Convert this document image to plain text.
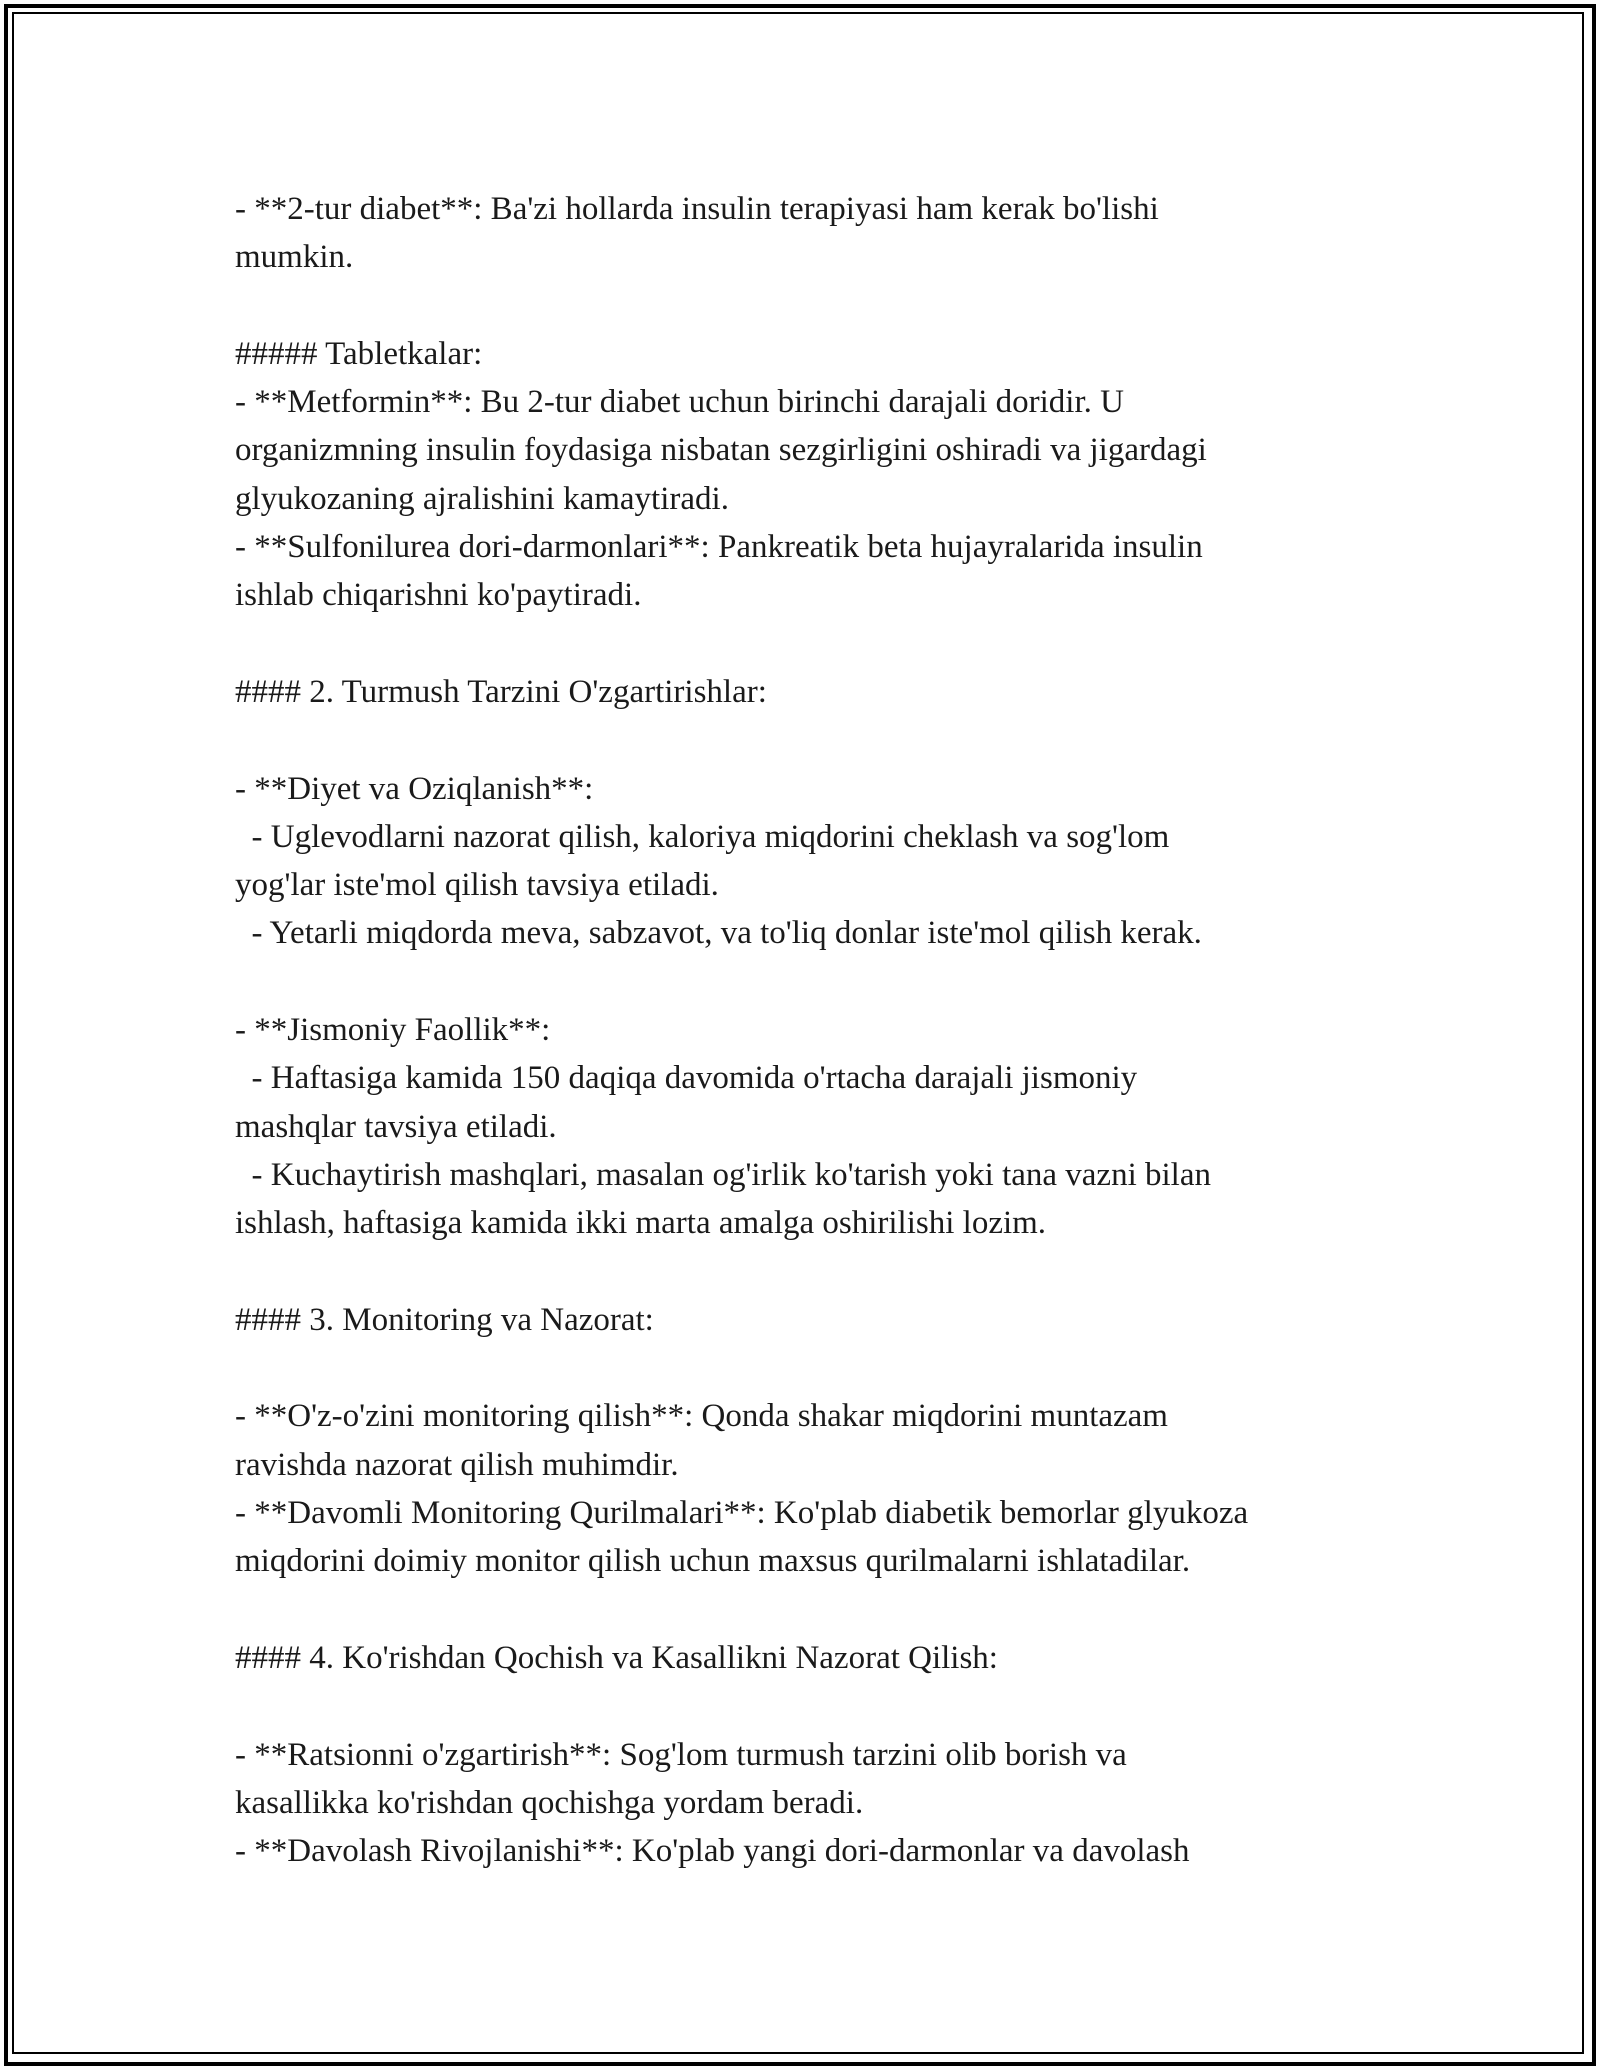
- **2-tur diabet**: Ba'zi hollarda insulin terapiyasi ham kerak bo'lishi
mumkin.
##### Tabletkalar:
- **Metformin**: Bu 2-tur diabet uchun birinchi darajali doridir. U
organizmning insulin foydasiga nisbatan sezgirligini oshiradi va jigardagi
glyukozaning ajralishini kamaytiradi.
- **Sulfonilurea dori-darmonlari**: Pankreatik beta hujayralarida insulin
ishlab chiqarishni ko'paytiradi.
#### 2. Turmush Tarzini O'zgartirishlar:
- **Diyet va Oziqlanish**:
- Uglevodlarni nazorat qilish, kaloriya miqdorini cheklash va sog'lom
yog'lar iste'mol qilish tavsiya etiladi.
- Yetarli miqdorda meva, sabzavot, va to'liq donlar iste'mol qilish kerak.
- **Jismoniy Faollik**:
- Haftasiga kamida 150 daqiqa davomida o'rtacha darajali jismoniy
mashqlar tavsiya etiladi.
- Kuchaytirish mashqlari, masalan og'irlik ko'tarish yoki tana vazni bilan
ishlash, haftasiga kamida ikki marta amalga oshirilishi lozim.
#### 3. Monitoring va Nazorat:
- **O'z-o'zini monitoring qilish**: Qonda shakar miqdorini muntazam
ravishda nazorat qilish muhimdir.
- **Davomli Monitoring Qurilmalari**: Ko'plab diabetik bemorlar glyukoza
miqdorini doimiy monitor qilish uchun maxsus qurilmalarni ishlatadilar.
#### 4. Ko'rishdan Qochish va Kasallikni Nazorat Qilish:
- **Ratsionni o'zgartirish**: Sog'lom turmush tarzini olib borish va
kasallikka ko'rishdan qochishga yordam beradi.
- **Davolash Rivojlanishi**: Ko'plab yangi dori-darmonlar va davolash
